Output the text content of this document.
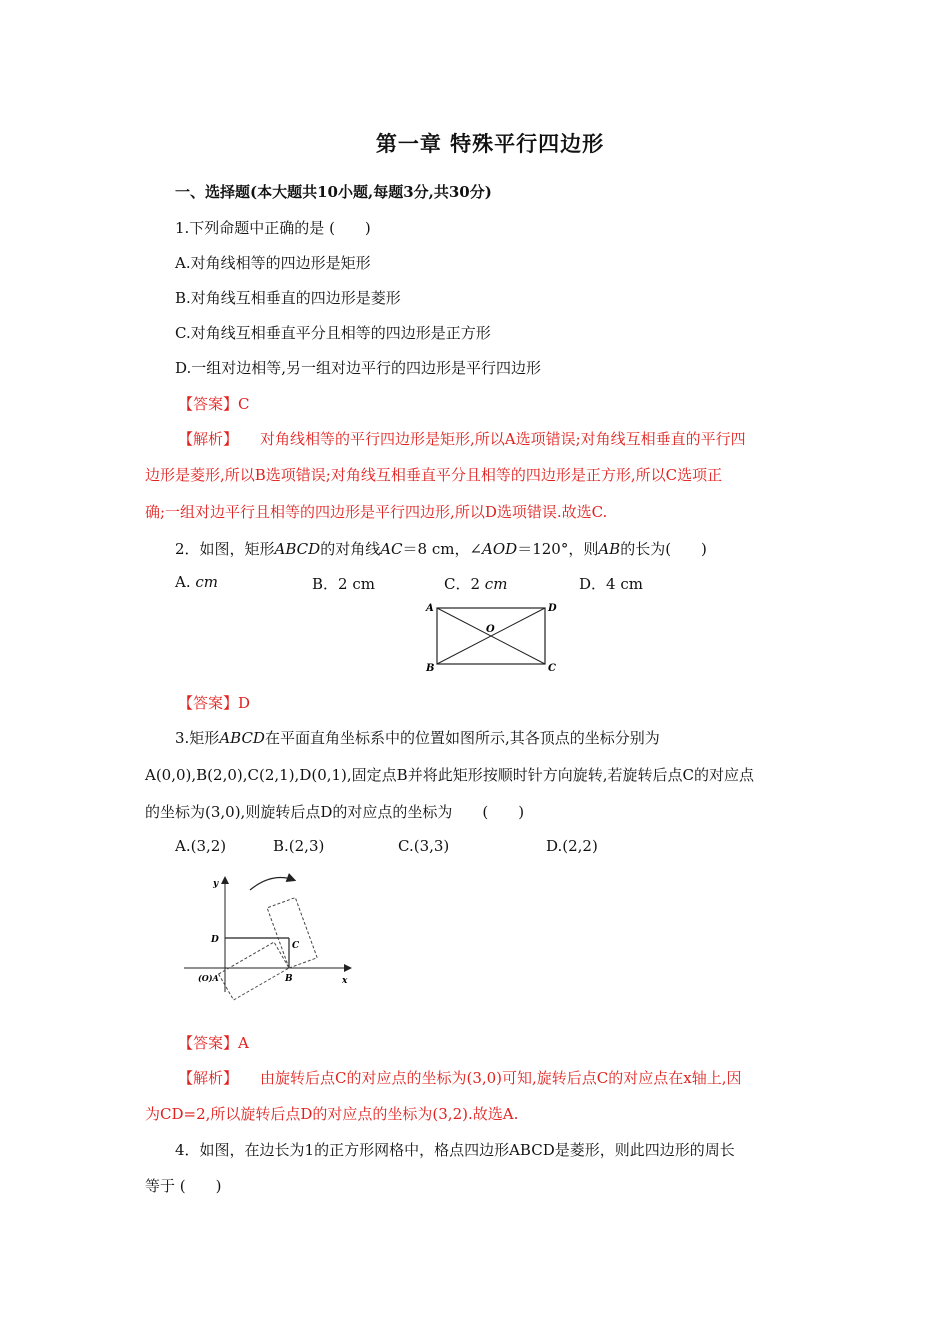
第一章 特殊平行四边形
一、选择题(本大题共10小题,每题3分,共30分)
1.下列命题中正确的是 (　　)
A.对角线相等的四边形是矩形
B.对角线互相垂直的四边形是菱形
C.对角线互相垂直平分且相等的四边形是正方形
D.一组对边相等,另一组对边平行的四边形是平行四边形
【答案】C
【解析】 对角线相等的平行四边形是矩形,所以A选项错误;对角线互相垂直的平行四
边形是菱形,所以B选项错误;对角线互相垂直平分且相等的四边形是正方形,所以C选项正
确;一组对边平行且相等的四边形是平行四边形,所以D选项错误.故选C.
2．如图，矩形ABCD的对角线AC＝8 cm，∠AOD＝120°，则AB的长为(　　)
A. cm	B．2 cm	C．2 cm	D．4 cm
A	D
O
B	C
【答案】D
3.矩形ABCD在平面直角坐标系中的位置如图所示,其各顶点的坐标分别为
A(0,0),B(2,0),C(2,1),D(0,1),固定点B并将此矩形按顺时针方向旋转,若旋转后点C的对应点
的坐标为(3,0),则旋转后点D的对应点的坐标为　　(　　)
A.(3,2)	B.(2,3)	C.(3,3)	D.(2,2)
y
x
D
C
(O)A	B
【答案】A
【解析】 由旋转后点C的对应点的坐标为(3,0)可知,旋转后点C的对应点在x轴上,因
为CD=2,所以旋转后点D的对应点的坐标为(3,2).故选A.
4．如图，在边长为1的正方形网格中，格点四边形ABCD是菱形，则此四边形的周长
等于 (　　)
